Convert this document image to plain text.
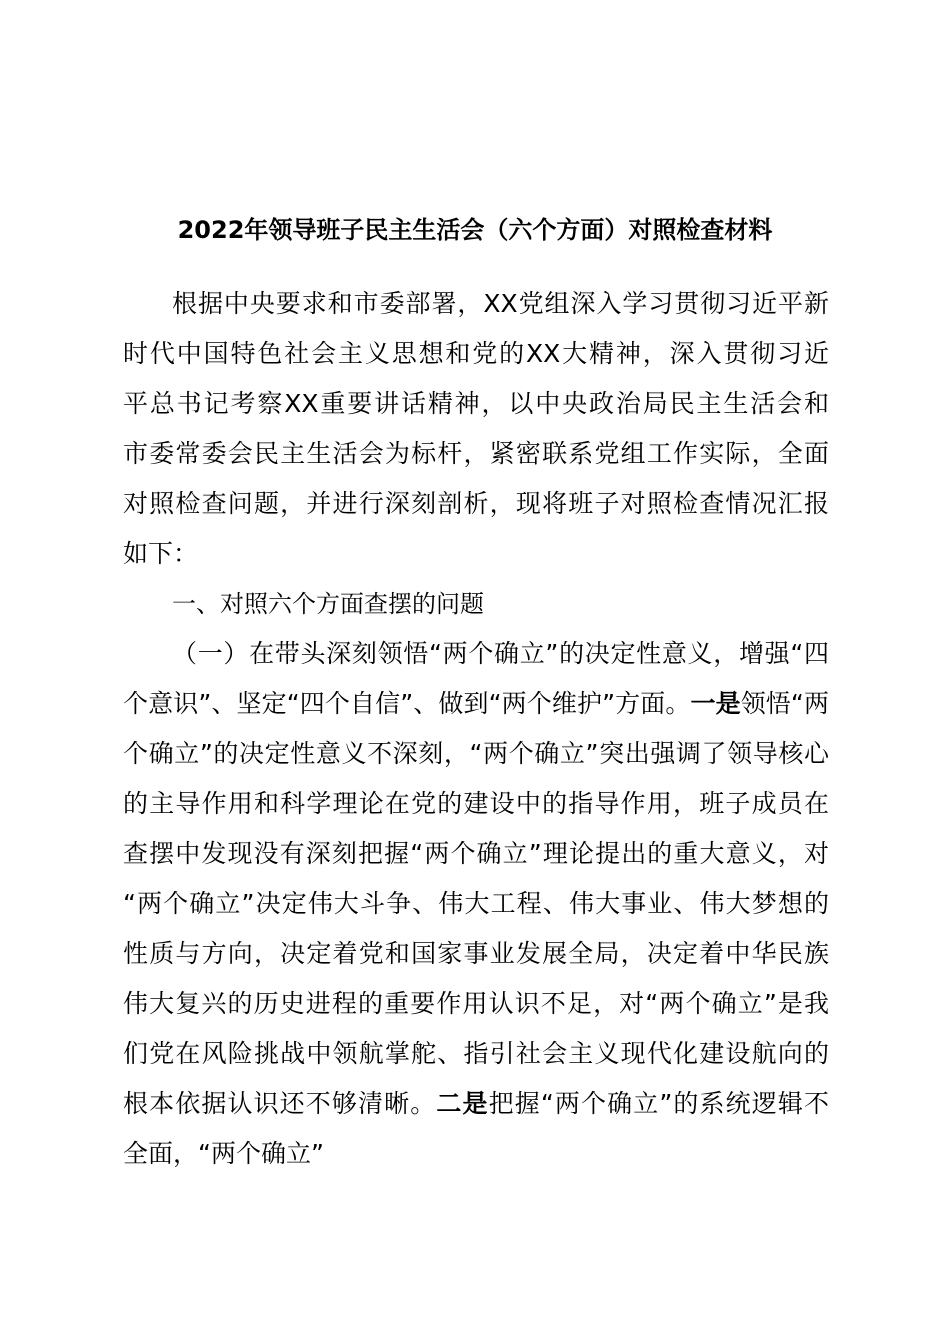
2022年领导班子民主生活会（六个方面）对照检查材料

根据中央要求和市委部署，XX党组深入学习贯彻习近平新

时代中国特色社会主义思想和党的XX大精神，深入贯彻习近

平总书记考察XX重要讲话精神，以中央政治局民主生活会和

市委常委会民主生活会为标杆，紧密联系党组工作实际，全面

对照检查问题，并进行深刻剖析，现将班子对照检查情况汇报

如下：

一、对照六个方面查摆的问题

（一）在带头深刻领悟“两个确立”的决定性意义，增强“四

个意识”、坚定“四个自信”、做到“两个维护”方面。一是领悟“两

个确立”的决定性意义不深刻，“两个确立”突出强调了领导核心

的主导作用和科学理论在党的建设中的指导作用，班子成员在

查摆中发现没有深刻把握“两个确立”理论提出的重大意义，对

“两个确立”决定伟大斗争、伟大工程、伟大事业、伟大梦想的

性质与方向，决定着党和国家事业发展全局，决定着中华民族

伟大复兴的历史进程的重要作用认识不足，对“两个确立”是我

们党在风险挑战中领航掌舵、指引社会主义现代化建设航向的

根本依据认识还不够清晰。二是把握“两个确立”的系统逻辑不

全面，“两个确立”
